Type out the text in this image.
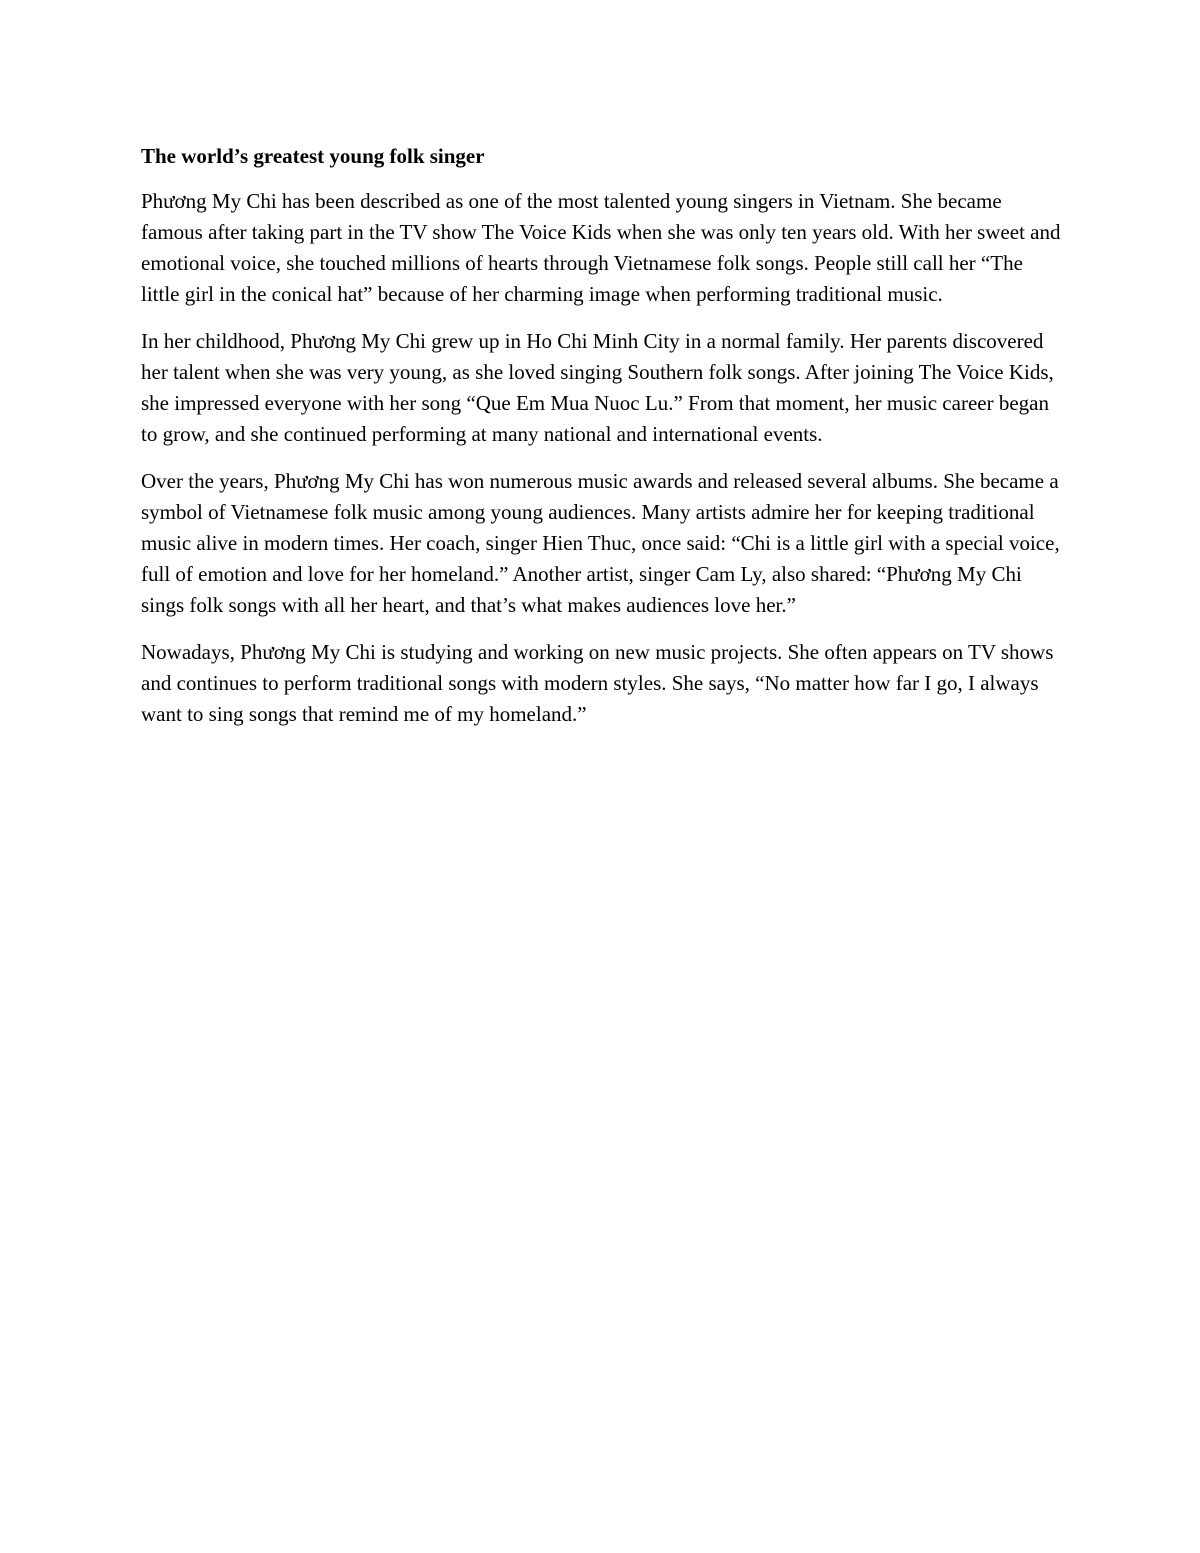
The world’s greatest young folk singer

Phương My Chi has been described as one of the most talented young singers in Vietnam. She became famous after taking part in the TV show The Voice Kids when she was only ten years old. With her sweet and emotional voice, she touched millions of hearts through Vietnamese folk songs. People still call her “The little girl in the conical hat” because of her charming image when performing traditional music.

In her childhood, Phương My Chi grew up in Ho Chi Minh City in a normal family. Her parents discovered her talent when she was very young, as she loved singing Southern folk songs. After joining The Voice Kids, she impressed everyone with her song “Que Em Mua Nuoc Lu.” From that moment, her music career began to grow, and she continued performing at many national and international events.

Over the years, Phương My Chi has won numerous music awards and released several albums. She became a symbol of Vietnamese folk music among young audiences. Many artists admire her for keeping traditional music alive in modern times. Her coach, singer Hien Thuc, once said: “Chi is a little girl with a special voice, full of emotion and love for her homeland.” Another artist, singer Cam Ly, also shared: “Phương My Chi sings folk songs with all her heart, and that’s what makes audiences love her.”

Nowadays, Phương My Chi is studying and working on new music projects. She often appears on TV shows and continues to perform traditional songs with modern styles. She says, “No matter how far I go, I always want to sing songs that remind me of my homeland.”
